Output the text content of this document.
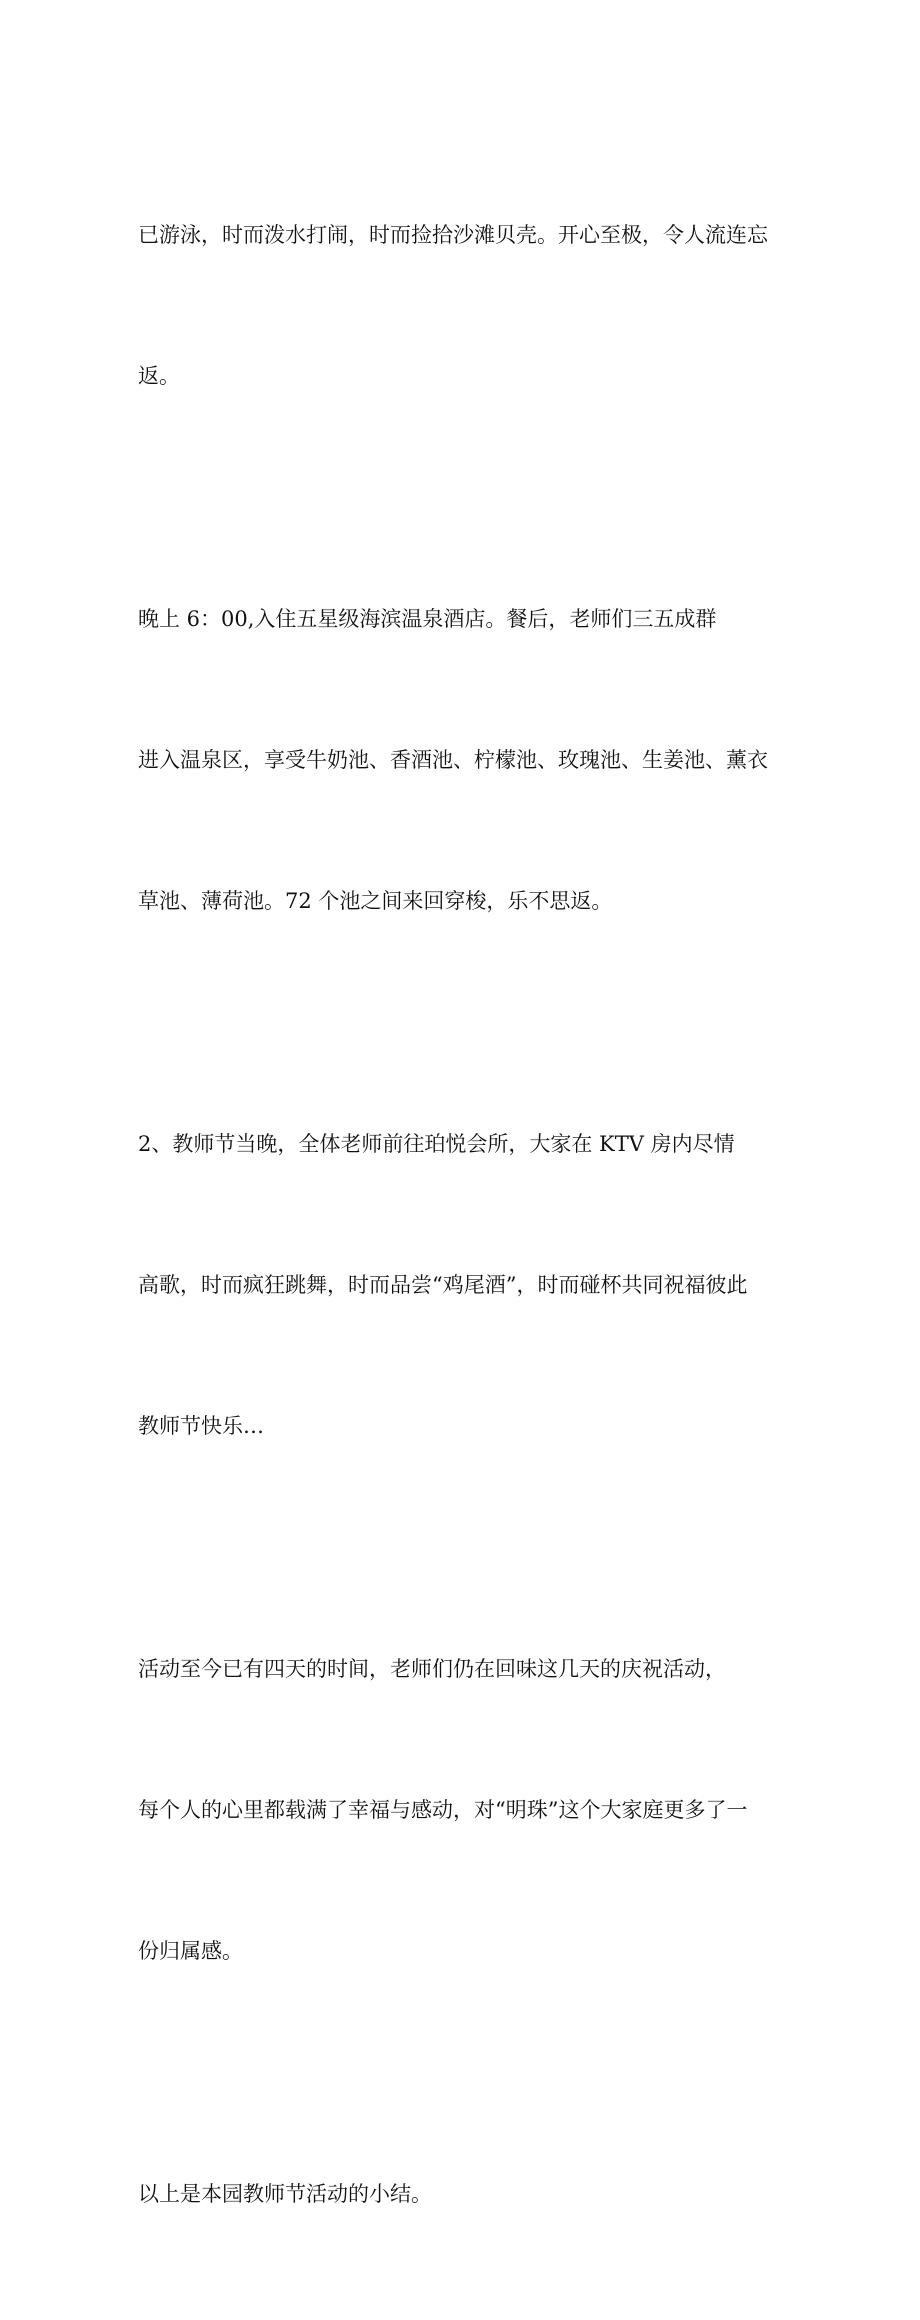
已游泳，时而泼水打闹，时而捡拾沙滩贝壳。开心至极，令人流连忘

返。

晚上 6：00,入住五星级海滨温泉酒店。餐后，老师们三五成群

进入温泉区，享受牛奶池、香酒池、柠檬池、玫瑰池、生姜池、薰衣

草池、薄荷池。72 个池之间来回穿梭，乐不思返。

2、教师节当晚，全体老师前往珀悦会所，大家在 KTV 房内尽情

高歌，时而疯狂跳舞，时而品尝“鸡尾酒”，时而碰杯共同祝福彼此

教师节快乐…

活动至今已有四天的时间，老师们仍在回味这几天的庆祝活动，

每个人的心里都载满了幸福与感动，对“明珠”这个大家庭更多了一

份归属感。

以上是本园教师节活动的小结。
